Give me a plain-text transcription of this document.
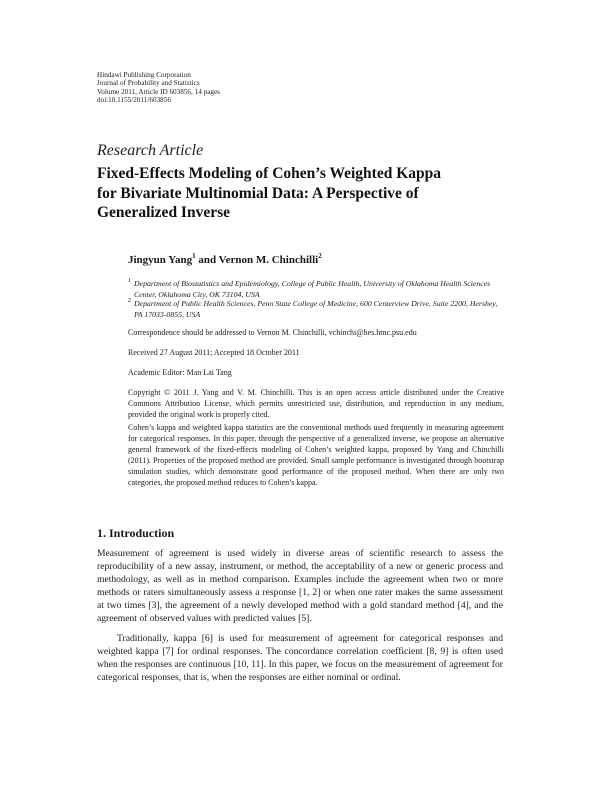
Hindawi Publishing Corporation
Journal of Probability and Statistics
Volume 2011, Article ID 603856, 14 pages
doi:10.1155/2011/603856
Research Article
Fixed-Effects Modeling of Cohen’s Weighted Kappa
for Bivariate Multinomial Data: A Perspective of
Generalized Inverse
Jingyun Yang$^1$ and Vernon M. Chinchilli$^2$
1 Department of Biostatistics and Epidemiology, College of Public Health, University of Oklahoma Health Sciences Center, Oklahoma City, OK 73104, USA
2 Department of Public Health Sciences, Penn State College of Medicine, 600 Centerview Drive, Suite 2200, Hershey, PA 17033-0855, USA
Correspondence should be addressed to Vernon M. Chinchilli, vchinchi@hes.hmc.psu.edu
Received 27 August 2011; Accepted 18 October 2011
Academic Editor: Man Lai Tang
Copyright © 2011 J. Yang and V. M. Chinchilli. This is an open access article distributed under the Creative Commons Attribution License, which permits unrestricted use, distribution, and reproduction in any medium, provided the original work is properly cited.
Cohen’s kappa and weighted kappa statistics are the conventional methods used frequently in measuring agreement for categorical responses. In this paper, through the perspective of a generalized inverse, we propose an alternative general framework of the fixed-effects modeling of Cohen’s weighted kappa, proposed by Yang and Chinchilli (2011). Properties of the proposed method are provided. Small sample performance is investigated through bootstrap simulation studies, which demonstrate good performance of the proposed method. When there are only two categories, the proposed method reduces to Cohen’s kappa.
1. Introduction
Measurement of agreement is used widely in diverse areas of scientific research to assess the reproducibility of a new assay, instrument, or method, the acceptability of a new or generic process and methodology, as well as in method comparison. Examples include the agreement when two or more methods or raters simultaneously assess a response [1, 2] or when one rater makes the same assessment at two times [3], the agreement of a newly developed method with a gold standard method [4], and the agreement of observed values with predicted values [5].
Traditionally, kappa [6] is used for measurement of agreement for categorical responses and weighted kappa [7] for ordinal responses. The concordance correlation coefficient [8, 9] is often used when the responses are continuous [10, 11]. In this paper, we focus on the measurement of agreement for categorical responses, that is, when the responses are either nominal or ordinal.
